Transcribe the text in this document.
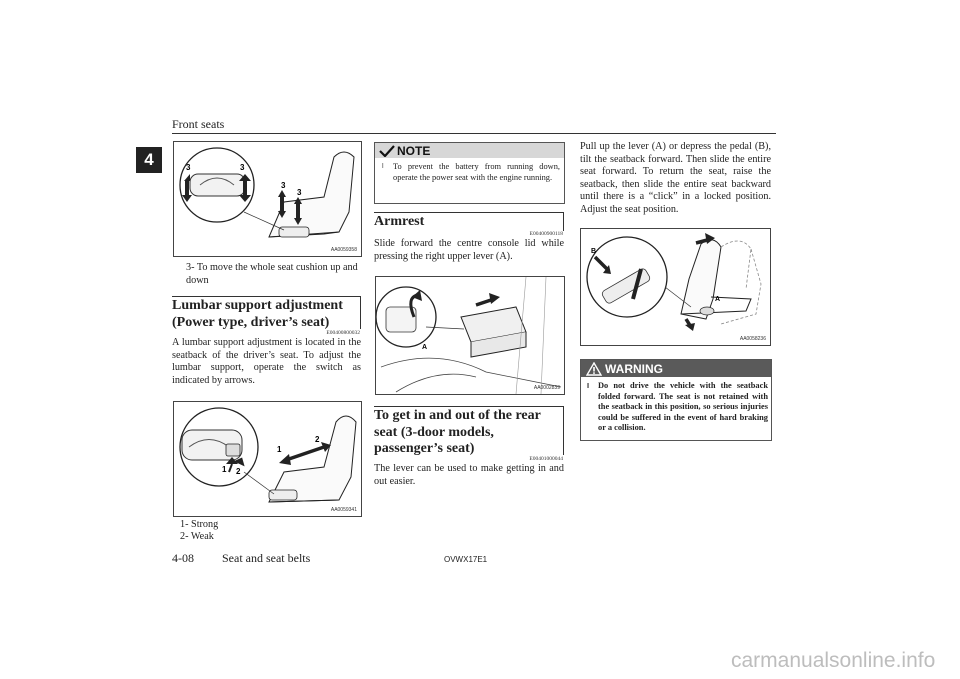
Front seats
4	3	3
3
3
AA0059358
3- To move the whole seat cushion up and down
Lumbar support adjustment (Power type, driver’s seat)
E00400800032
A lumbar support adjustment is located in the seatback of the driver’s seat. To adjust the lumbar support, operate the switch as indicated by arrows.
1 2
1
2
AA0059341
1- Strong
2- Weak
NOTE
l To prevent the battery from running down, operate the power seat with the engine running.
Armrest
E00400900118
Slide forward the centre console lid while pressing the right upper lever (A).
A
AA0002839
To get in and out of the rear seat (3-door models, passenger’s seat)
E00401000044
The lever can be used to make getting in and out easier.
Pull up the lever (A) or depress the pedal (B), tilt the seatback forward. Then slide the entire seat forward. To return the seat, raise the seatback, then slide the entire seat backward until there is a “click” in a locked position. Adjust the seat position.
B
A
AA0058236
WARNING
l Do not drive the vehicle with the seatback folded forward. The seat is not retained with the seatback in this position, so serious injuries could be suffered in the event of hard braking or a collision.
4-08 Seat and seat belts	OVWX17E1
carmanualsonline.info
